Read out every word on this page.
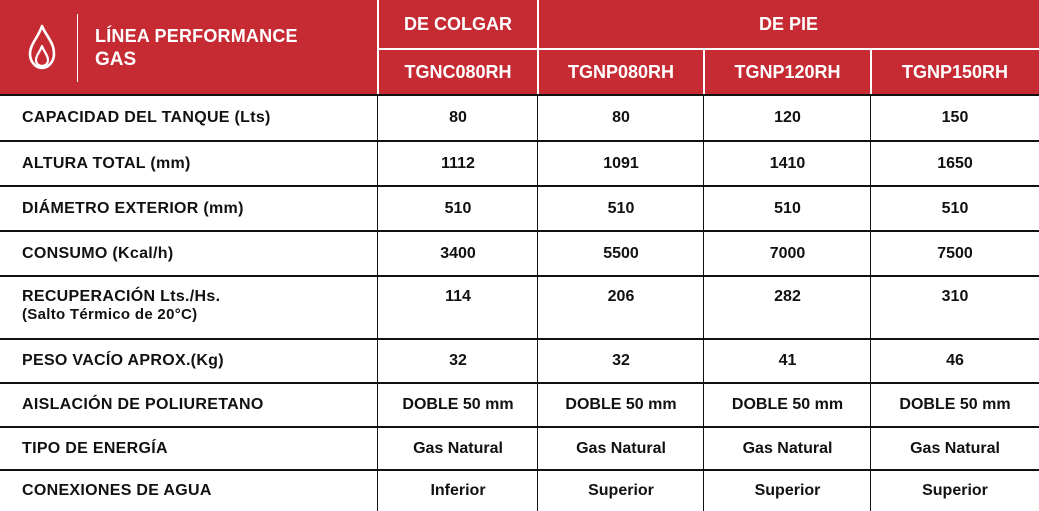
LÍNEA PERFORMANCE
GAS
DE COLGAR	DE PIE
TGNC080RH	TGNP080RH	TGNP120RH	TGNP150RH
CAPACIDAD DEL TANQUE (Lts)	80	80	120	150
ALTURA TOTAL (mm)	1112	1091	1410	1650
DIÁMETRO EXTERIOR (mm)	510	510	510	510
CONSUMO (Kcal/h)	3400	5500	7000	7500
RECUPERACIÓN Lts./Hs.
(Salto Térmico de 20°C)
114	206	282	310
PESO VACÍO APROX.(Kg)	32	32	41	46
AISLACIÓN DE POLIURETANO	DOBLE 50 mm	DOBLE 50 mm	DOBLE 50 mm	DOBLE 50 mm
TIPO DE ENERGÍA	Gas Natural	Gas Natural	Gas Natural	Gas Natural
CONEXIONES DE AGUA	Inferior	Superior	Superior	Superior
